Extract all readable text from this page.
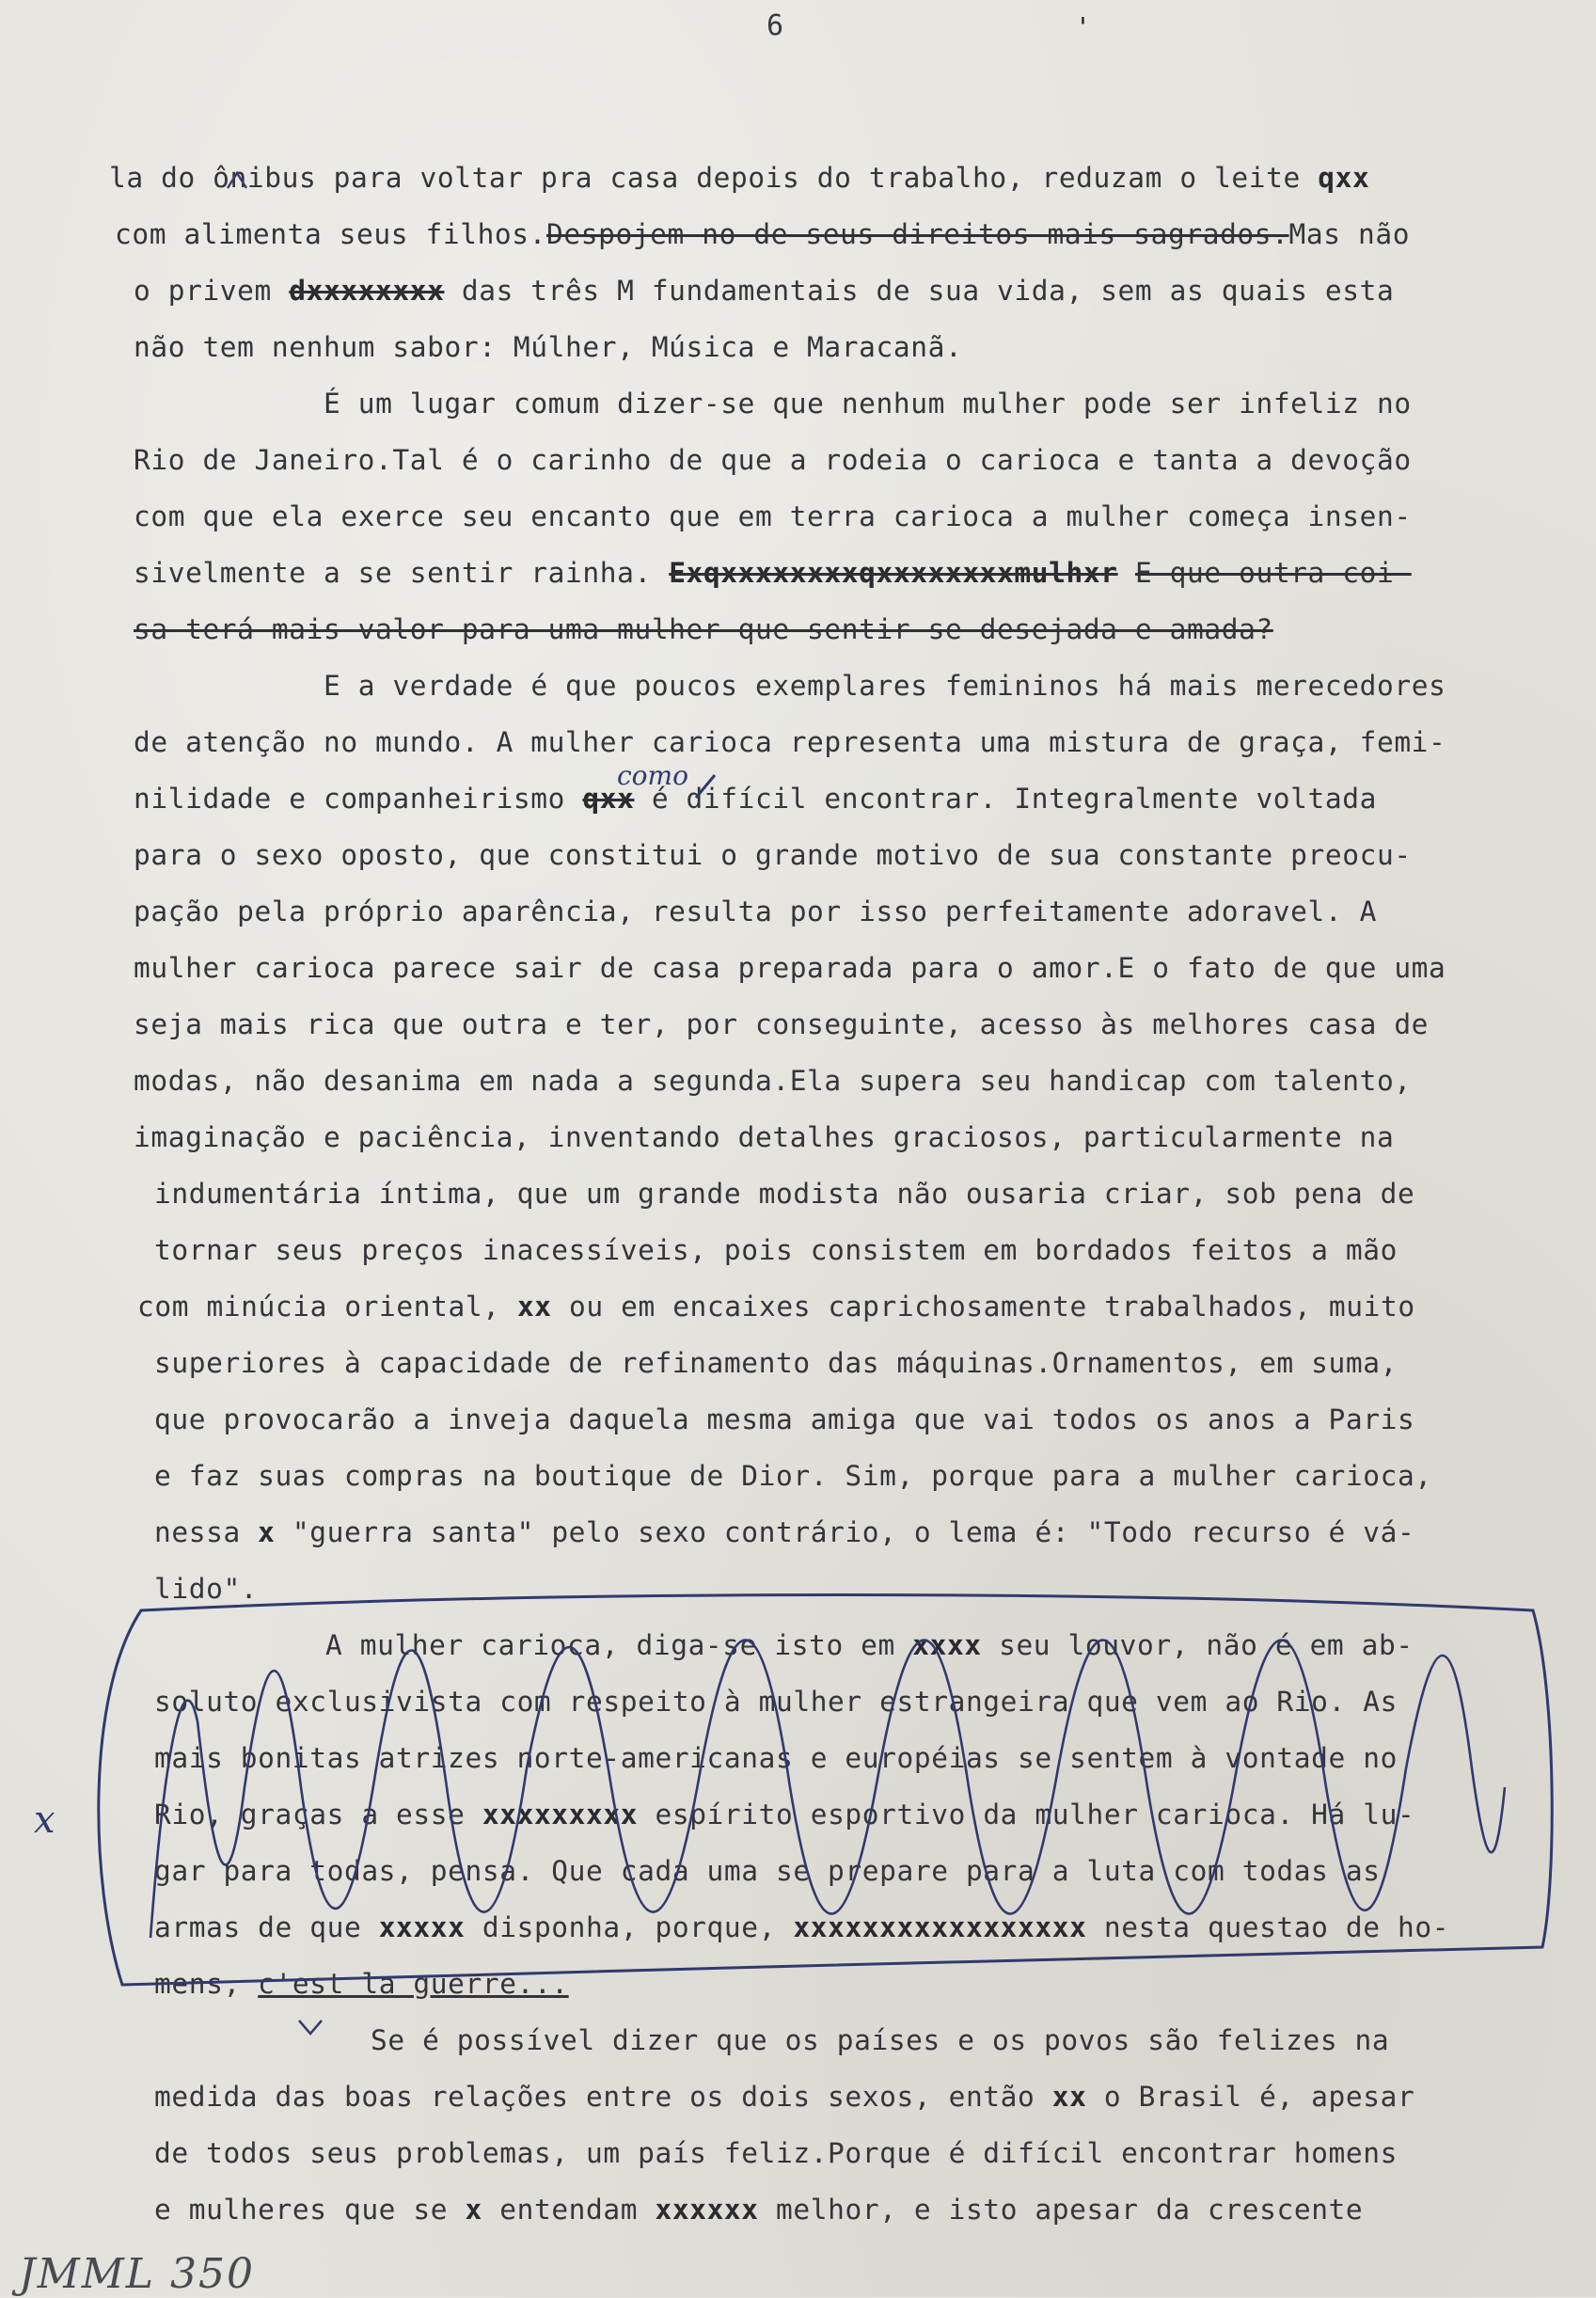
6	'
la do ônibus para voltar pra casa depois do trabalho, reduzam o leite qxx
com alimenta seus filhos.Despojem-no de seus direitos mais sagrados.Mas não
o privem dxxxxxxxx das três M fundamentais de sua vida, sem as quais esta
não tem nenhum sabor: Múlher, Música e Maracanã.
É um lugar comum dizer-se que nenhum mulher pode ser infeliz no
Rio de Janeiro.Tal é o carinho de que a rodeia o carioca e tanta a devoção
com que ela exerce seu encanto que em terra carioca a mulher começa insen-
sivelmente a se sentir rainha. Exqxxxxxxxxqxxxxxxxxmulhxr E que outra coi-
sa terá mais valor para uma mulher que sentir-se desejada e amada?
E a verdade é que poucos exemplares femininos há mais merecedores
de atenção no mundo. A mulher carioca representa uma mistura de graça, femi-
nilidade e companheirismo qxx é difícil encontrar. Integralmente voltada
como
para o sexo oposto, que constitui o grande motivo de sua constante preocu-
pação pela próprio aparência, resulta por isso perfeitamente adoravel. A
mulher carioca parece sair de casa preparada para o amor.E o fato de que uma
seja mais rica que outra e ter, por conseguinte, acesso às melhores casa de
modas, não desanima em nada a segunda.Ela supera seu handicap com talento,
imaginação e paciência, inventando detalhes graciosos, particularmente na
indumentária íntima, que um grande modista não ousaria criar, sob pena de
tornar seus preços inacessíveis, pois consistem em bordados feitos a mão
com minúcia oriental, xx ou em encaixes caprichosamente trabalhados, muito
superiores à capacidade de refinamento das máquinas.Ornamentos, em suma,
que provocarão a inveja daquela mesma amiga que vai todos os anos a Paris
e faz suas compras na boutique de Dior. Sim, porque para a mulher carioca,
nessa x "guerra santa" pelo sexo contrário, o lema é: "Todo recurso é vá-
lido".
A mulher carioca, diga-se isto em xxxx seu louvor, não é em ab-
soluto exclusivista com respeito à mulher estrangeira que vem ao Rio. As
mais bonitas atrizes norte-americanas e européias se sentem à vontade no
Rio, graças a esse xxxxxxxxx espírito esportivo da mulher carioca. Há lu-
gar para todas, pensa. Que cada uma se prepare para a luta com todas as
armas de que xxxxx disponha, porque, xxxxxxxxxxxxxxxxx nesta questao de ho-
mens, c'est la guerre...
Se é possível dizer que os países e os povos são felizes na
medida das boas relações entre os dois sexos, então xx o Brasil é, apesar
de todos seus problemas, um país feliz.Porque é difícil encontrar homens
e mulheres que se x entendam xxxxxx melhor, e isto apesar da crescente
x
JMML 350
